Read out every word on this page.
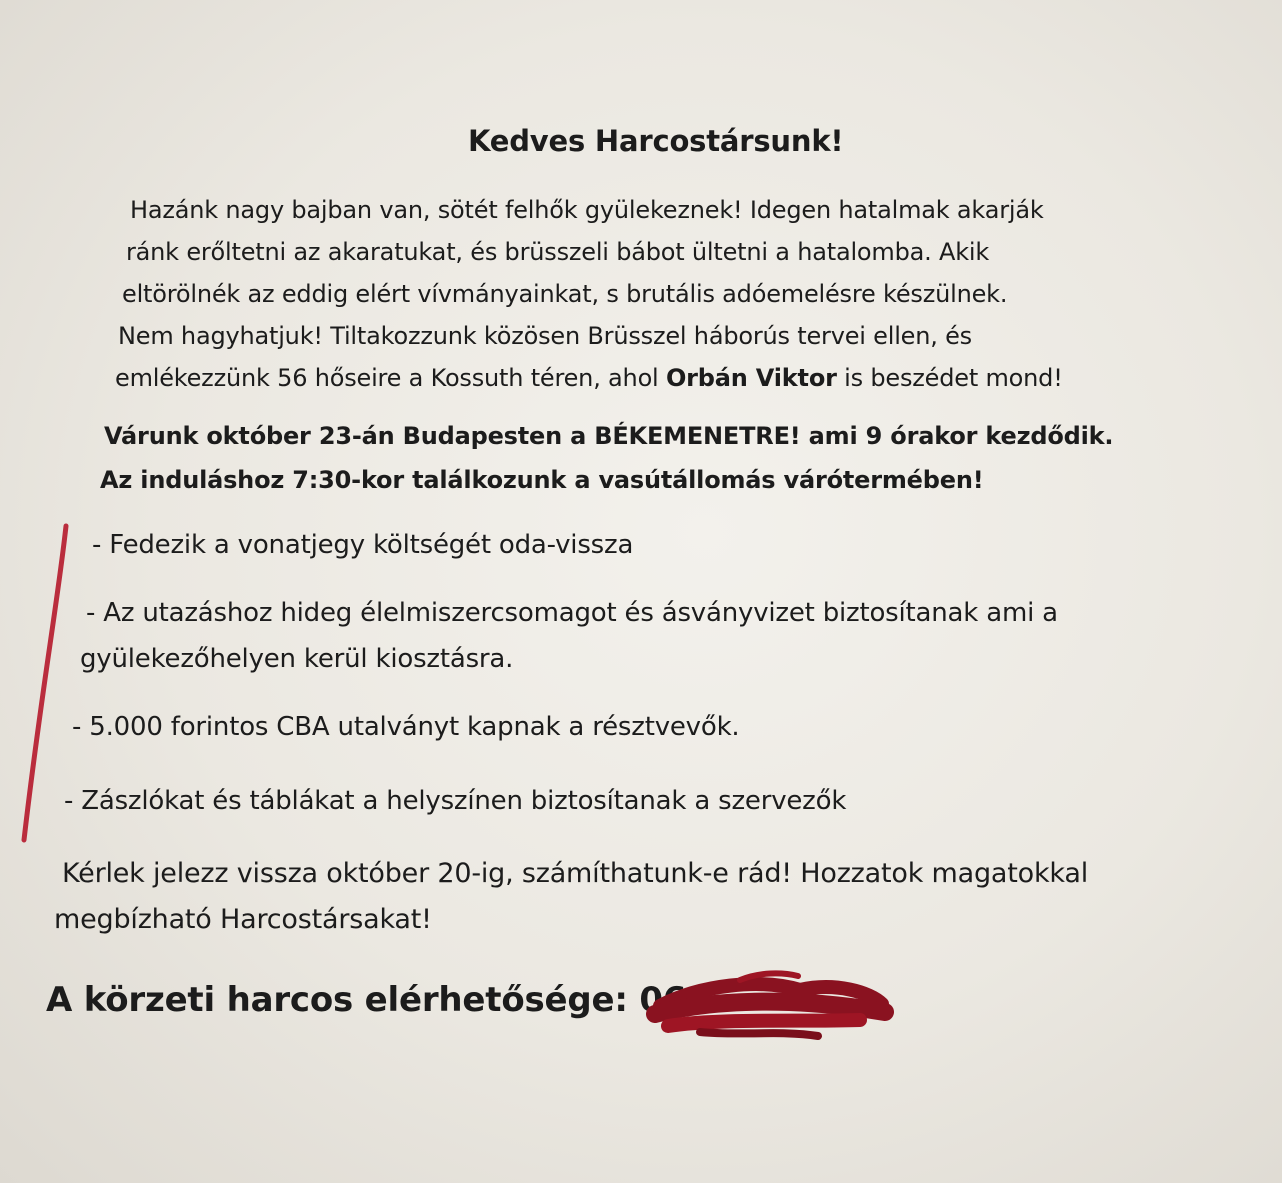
Kedves Harcostársunk!
Hazánk nagy bajban van, sötét felhők gyülekeznek! Idegen hatalmak akarják
ránk erőltetni az akaratukat, és brüsszeli bábot ültetni a hatalomba. Akik
eltörölnék az eddig elért vívmányainkat, s brutális adóemelésre készülnek.
Nem hagyhatjuk! Tiltakozzunk közösen Brüsszel háborús tervei ellen, és
emlékezzünk 56 hőseire a Kossuth téren, ahol Orbán Viktor is beszédet mond!
Várunk október 23-án Budapesten a BÉKEMENETRE! ami 9 órakor kezdődik.
Az induláshoz 7:30-kor találkozunk a vasútállomás várótermében!
- Fedezik a vonatjegy költségét oda-vissza
- Az utazáshoz hideg élelmiszercsomagot és ásványvizet biztosítanak ami a
gyülekezőhelyen kerül kiosztásra.
- 5.000 forintos CBA utalványt kapnak a résztvevők.
- Zászlókat és táblákat a helyszínen biztosítanak a szervezők
Kérlek jelezz vissza október 20-ig, számíthatunk-e rád! Hozzatok magatokkal
megbízható Harcostársakat!
A körzeti harcos elérhetősége: 06
